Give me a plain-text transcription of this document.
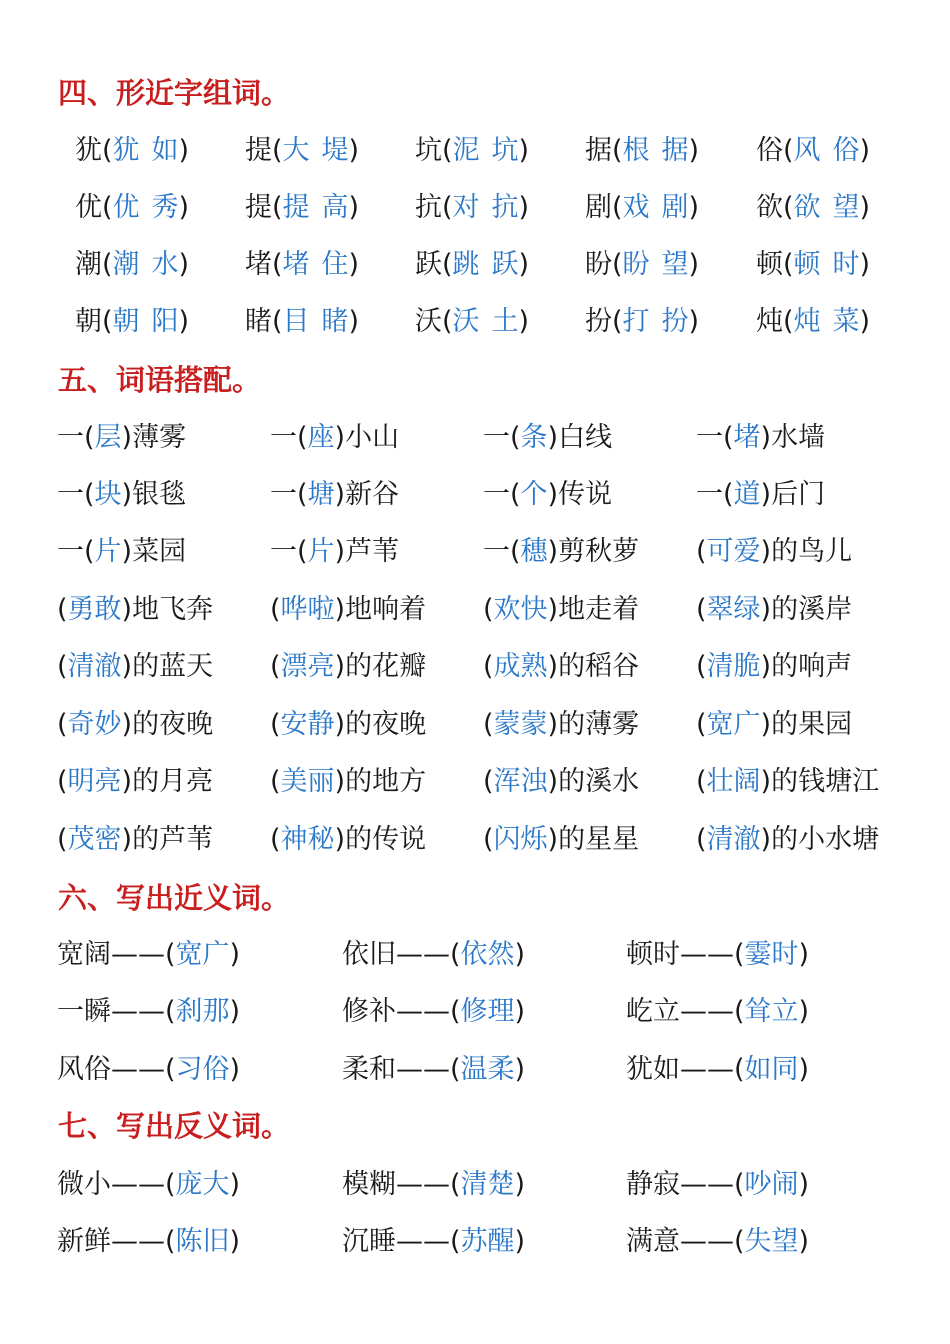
四、形近字组词。
犹(犹 如) 提(大 堤) 坑(泥 坑) 据(根 据) 俗(风 俗)
优(优 秀) 提(提 高) 抗(对 抗) 剧(戏 剧) 欲(欲 望)
潮(潮 水) 堵(堵 住) 跃(跳 跃) 盼(盼 望) 顿(顿 时)
朝(朝 阳) 睹(目 睹) 沃(沃 土) 扮(打 扮) 炖(炖 菜)
五、词语搭配。
一(层)薄雾	一(座)小山	一(条)白线	一(堵)水墙
一(块)银毯	一(塘)新谷	一(个)传说	一(道)后门
一(片)菜园	一(片)芦苇	一(穗)剪秋萝 (可爱)的鸟儿
(勇敢)地飞奔 (哗啦)地响着 (欢快)地走着 (翠绿)的溪岸
(清澈)的蓝天 (漂亮)的花瓣 (成熟)的稻谷 (清脆)的响声
(奇妙)的夜晚 (安静)的夜晚 (蒙蒙)的薄雾 (宽广)的果园
(明亮)的月亮 (美丽)的地方 (浑浊)的溪水 (壮阔)的钱塘江
(茂密)的芦苇 (神秘)的传说 (闪烁)的星星 (清澈)的小水塘
六、写出近义词。
宽阔——(宽广)	依旧——(依然)	顿时——(霎时)
一瞬——(刹那)	修补——(修理)	屹立——(耸立)
风俗——(习俗)	柔和——(温柔)	犹如——(如同)
七、写出反义词。
微小——(庞大)	模糊——(清楚)	静寂——(吵闹)
新鲜——(陈旧)	沉睡——(苏醒)	满意——(失望)
